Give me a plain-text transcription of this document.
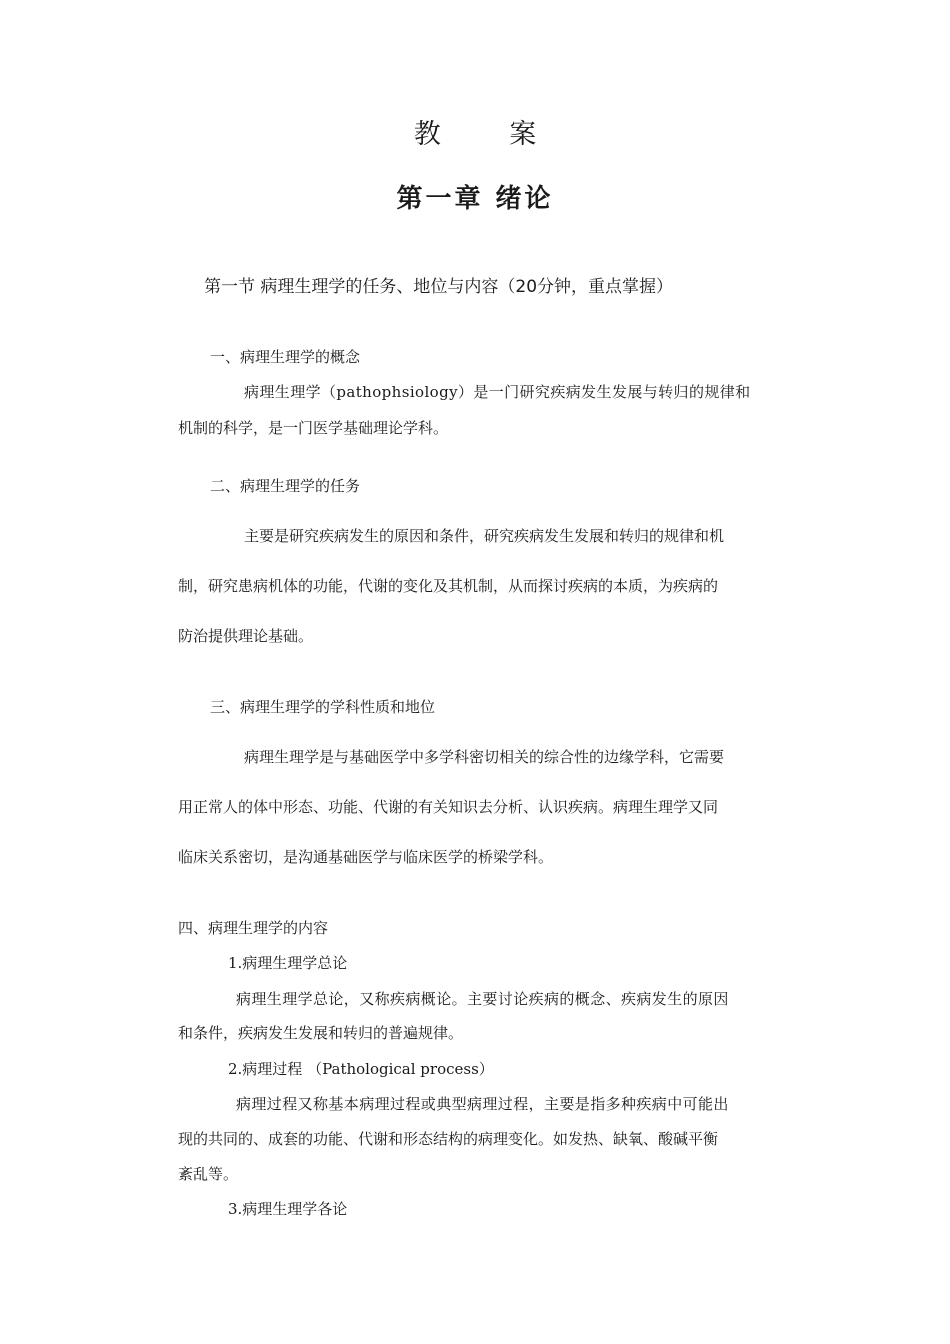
教 案

第一章 绪论

第一节 病理生理学的任务、地位与内容（20分钟，重点掌握）

一、病理生理学的概念

病理生理学（pathophsiology）是一门研究疾病发生发展与转归的规律和

机制的科学，是一门医学基础理论学科。

二、病理生理学的任务

主要是研究疾病发生的原因和条件，研究疾病发生发展和转归的规律和机

制，研究患病机体的功能，代谢的变化及其机制，从而探讨疾病的本质，为疾病的

防治提供理论基础。

三、病理生理学的学科性质和地位

病理生理学是与基础医学中多学科密切相关的综合性的边缘学科，它需要

用正常人的体中形态、功能、代谢的有关知识去分析、认识疾病。病理生理学又同

临床关系密切，是沟通基础医学与临床医学的桥梁学科。

四、病理生理学的内容

1.病理生理学总论

病理生理学总论，又称疾病概论。主要讨论疾病的概念、疾病发生的原因

和条件，疾病发生发展和转归的普遍规律。

2.病理过程 （Pathological process）

病理过程又称基本病理过程或典型病理过程，主要是指多种疾病中可能出

现的共同的、成套的功能、代谢和形态结构的病理变化。如发热、缺氧、酸碱平衡

紊乱等。

3.病理生理学各论
